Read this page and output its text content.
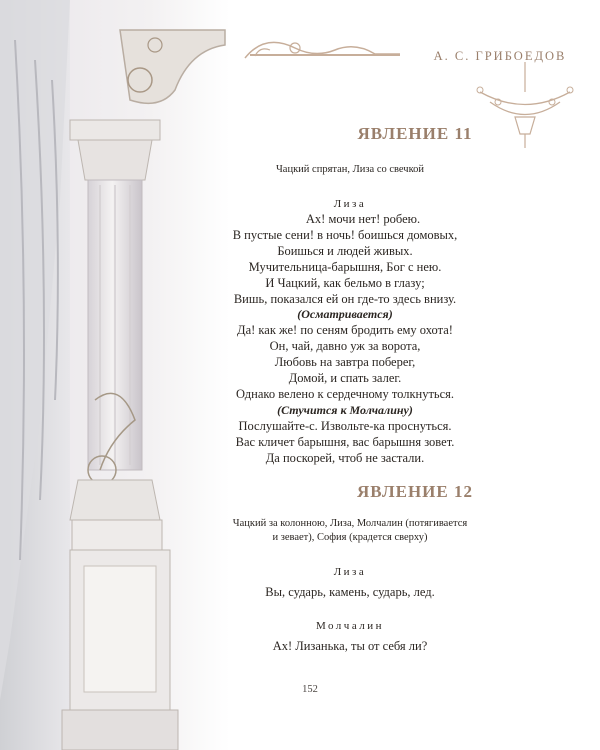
А. С. ГРИБОЕДОВ
ЯВЛЕНИЕ 11
Чацкий спрятан, Лиза со свечкой
Лиза
Ах! мочи нет! робею.
В пустые сени! в ночь! боишься домовых,
Боишься и людей живых.
Мучительница-барышня, Бог с нею.
И Чацкий, как бельмо в глазу;
Вишь, показался ей он где-то здесь внизу.
(Осматривается)
Да! как же! по сеням бродить ему охота!
Он, чай, давно уж за ворота,
Любовь на завтра поберег,
Домой, и спать залег.
Однако велено к сердечному толкнуться.
(Стучится к Молчалину)
Послушайте-с. Извольте-ка проснуться.
Вас кличет барышня, вас барышня зовет.
Да поскорей, чтоб не застали.
ЯВЛЕНИЕ 12
Чацкий за колонною, Лиза, Молчалин (потягивается
и зевает), София (крадется сверху)
Лиза
Вы, сударь, камень, сударь, лед.
Молчалин
Ах! Лизанька, ты от себя ли?
152
